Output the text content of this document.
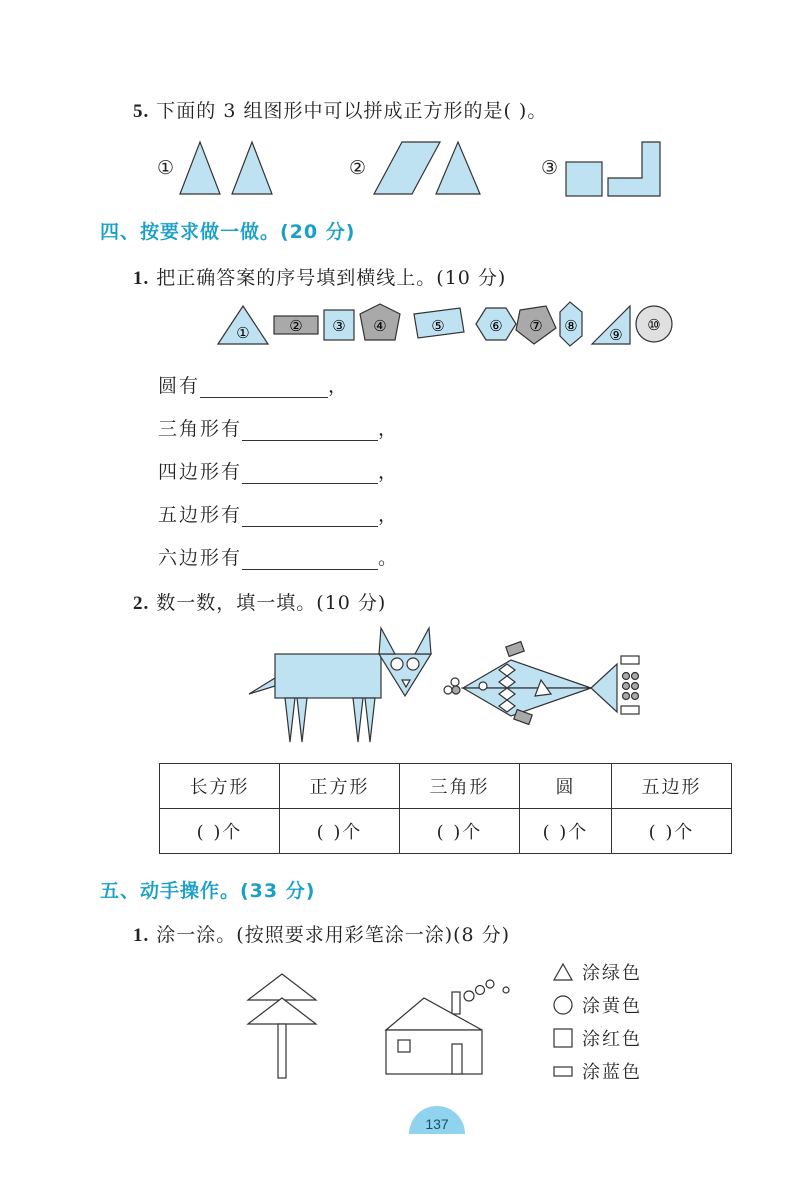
5. 下面的 3 组图形中可以拼成正方形的是( )。
①	②	③
四、按要求做一做。(20 分)
1. 把正确答案的序号填到横线上。(10 分)
①	② ③ ④	⑤	⑥ ⑦ ⑧ ⑨
⑩
圆有	，
三角形有	，
四边形有	，
五边形有	，
六边形有	。
2. 数一数，填一填。(10 分)
长方形	正方形	三角形	圆	五边形
( )个	( )个	( )个	( )个	( )个
五、动手操作。(33 分)
1. 涂一涂。(按照要求用彩笔涂一涂)(8 分)
涂绿色
涂黄色
涂红色
涂蓝色
137
